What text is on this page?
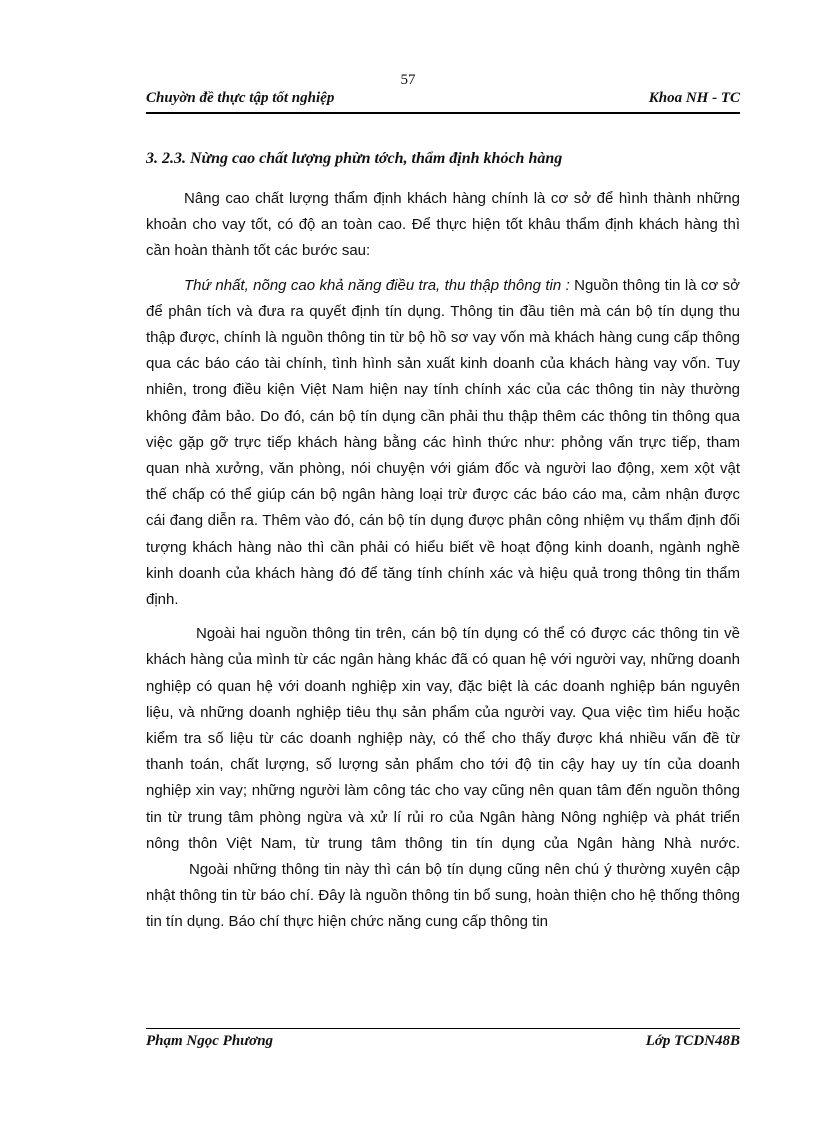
57
Chuyờn đề thực tập tốt nghiệp	Khoa NH - TC
3. 2.3. Nừng cao chất lượng phừn tớch, thẩm định khỏch hàng

Nâng cao chất lượng thẩm định khách hàng chính là cơ sở để hình thành những khoản cho vay tốt, có độ an toàn cao. Để thực hiện tốt khâu thẩm định khách hàng thì cần hoàn thành tốt các bước sau:

Thứ nhất, nõng cao khả năng điều tra, thu thập thông tin : Nguồn thông tin là cơ sở để phân tích và đưa ra quyết định tín dụng. Thông tin đầu tiên mà cán bộ tín dụng thu thập được, chính là nguồn thông tin từ bộ hồ sơ vay vốn mà khách hàng cung cấp thông qua các báo cáo tài chính, tình hình sản xuất kinh doanh của khách hàng vay vốn. Tuy nhiên, trong điều kiện Việt Nam hiện nay tính chính xác của các thông tin này thường không đảm bảo. Do đó, cán bộ tín dụng cần phải thu thập thêm các thông tin thông qua việc gặp gỡ trực tiếp khách hàng bằng các hình thức như: phỏng vấn trực tiếp, tham quan nhà xưởng, văn phòng, nói chuyện với giám đốc và người lao động, xem xột vật thế chấp có thể giúp cán bộ ngân hàng loại trừ được các báo cáo ma, cảm nhận được cái đang diễn ra. Thêm vào đó, cán bộ tín dụng được phân công nhiệm vụ thẩm định đối tượng khách hàng nào thì cần phải có hiểu biết về hoạt động kinh doanh, ngành nghề kinh doanh của khách hàng đó để tăng tính chính xác và hiệu quả trong thông tin thẩm định.

Ngoài hai nguồn thông tin trên, cán bộ tín dụng có thể có được các thông tin về khách hàng của mình từ các ngân hàng khác đã có quan hệ với người vay, những doanh nghiệp có quan hệ với doanh nghiệp xin vay, đặc biệt là các doanh nghiệp bán nguyên liệu, và những doanh nghiệp tiêu thụ sản phẩm của người vay. Qua việc tìm hiểu hoặc kiểm tra số liệu từ các doanh nghiệp này, có thể cho thấy được khá nhiều vấn đề từ thanh toán, chất lượng, số lượng sản phẩm cho tới độ tin cậy hay uy tín của doanh nghiệp xin vay; những người làm công tác cho vay cũng nên quan tâm đến nguồn thông tin từ trung tâm phòng ngừa và xử lí rủi ro của Ngân hàng Nông nghiệp và phát triển nông thôn Việt Nam, từ trung tâm thông tin tín dụng của Ngân hàng Nhà nước.

Ngoài những thông tin này thì cán bộ tín dụng cũng nên chú ý thường xuyên cập nhật thông tin từ báo chí. Đây là nguồn thông tin bổ sung, hoàn thiện cho hệ thống thông tin tín dụng. Báo chí thực hiện chức năng cung cấp thông tin

Phạm Ngọc Phương	Lớp TCDN48B
